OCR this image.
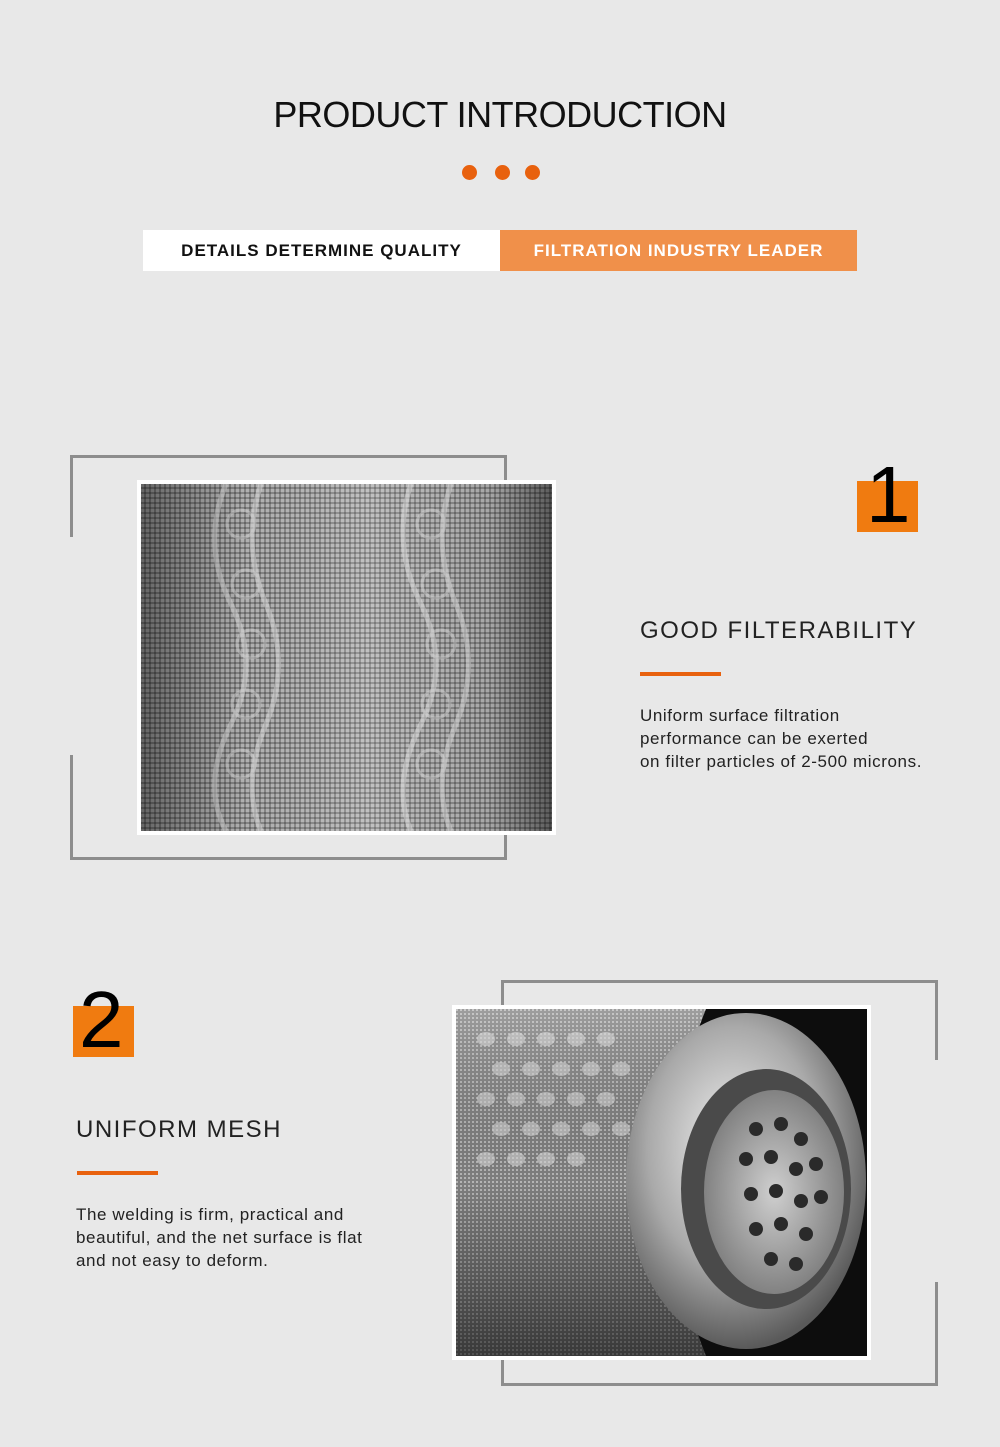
PRODUCT INTRODUCTION
DETAILS DETERMINE QUALITY	FILTRATION INDUSTRY LEADER
1
GOOD FILTERABILITY
Uniform surface filtration
performance can be exerted
on filter particles of 2-500 microns.
2
UNIFORM MESH
The welding is firm, practical and
beautiful, and the net surface is flat
and not easy to deform.
